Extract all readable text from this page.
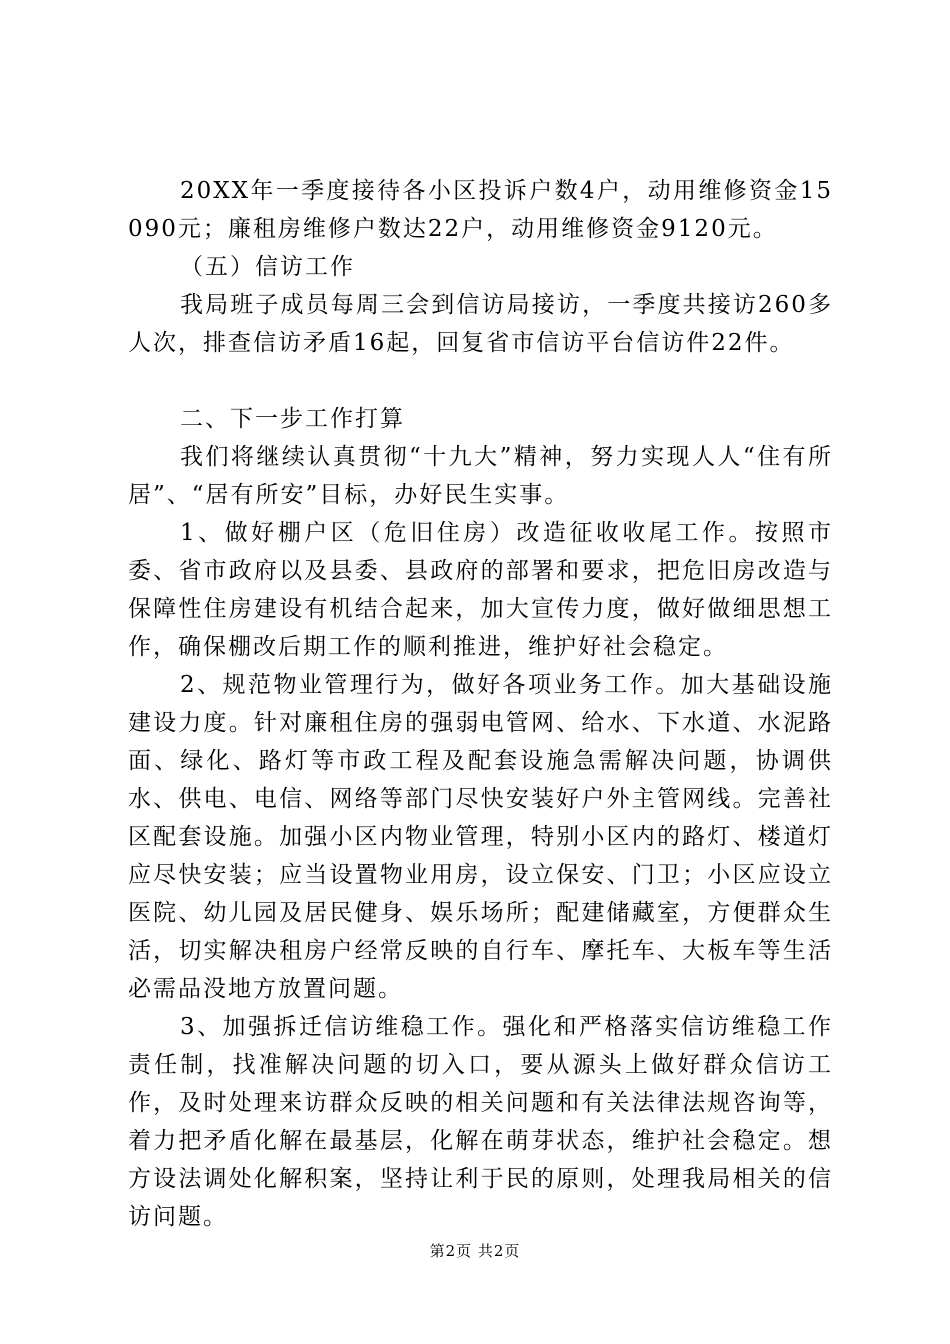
20XX年一季度接待各小区投诉户数4户，动用维修资金15090元；廉租房维修户数达22户，动用维修资金9120元。

（五）信访工作

我局班子成员每周三会到信访局接访，一季度共接访260多人次，排查信访矛盾16起，回复省市信访平台信访件22件。

二、下一步工作打算

我们将继续认真贯彻“十九大”精神，努力实现人人“住有所居”、“居有所安”目标，办好民生实事。

1、做好棚户区（危旧住房）改造征收收尾工作。按照市委、省市政府以及县委、县政府的部署和要求，把危旧房改造与保障性住房建设有机结合起来，加大宣传力度，做好做细思想工作，确保棚改后期工作的顺利推进，维护好社会稳定。

2、规范物业管理行为，做好各项业务工作。加大基础设施建设力度。针对廉租住房的强弱电管网、给水、下水道、水泥路面、绿化、路灯等市政工程及配套设施急需解决问题，协调供水、供电、电信、网络等部门尽快安装好户外主管网线。完善社区配套设施。加强小区内物业管理，特别小区内的路灯、楼道灯应尽快安装；应当设置物业用房，设立保安、门卫；小区应设立医院、幼儿园及居民健身、娱乐场所；配建储藏室，方便群众生活，切实解决租房户经常反映的自行车、摩托车、大板车等生活必需品没地方放置问题。

3、加强拆迁信访维稳工作。强化和严格落实信访维稳工作责任制，找准解决问题的切入口，要从源头上做好群众信访工作，及时处理来访群众反映的相关问题和有关法律法规咨询等，着力把矛盾化解在最基层，化解在萌芽状态，维护社会稳定。想方设法调处化解积案，坚持让利于民的原则，处理我局相关的信访问题。

第2页 共2页
